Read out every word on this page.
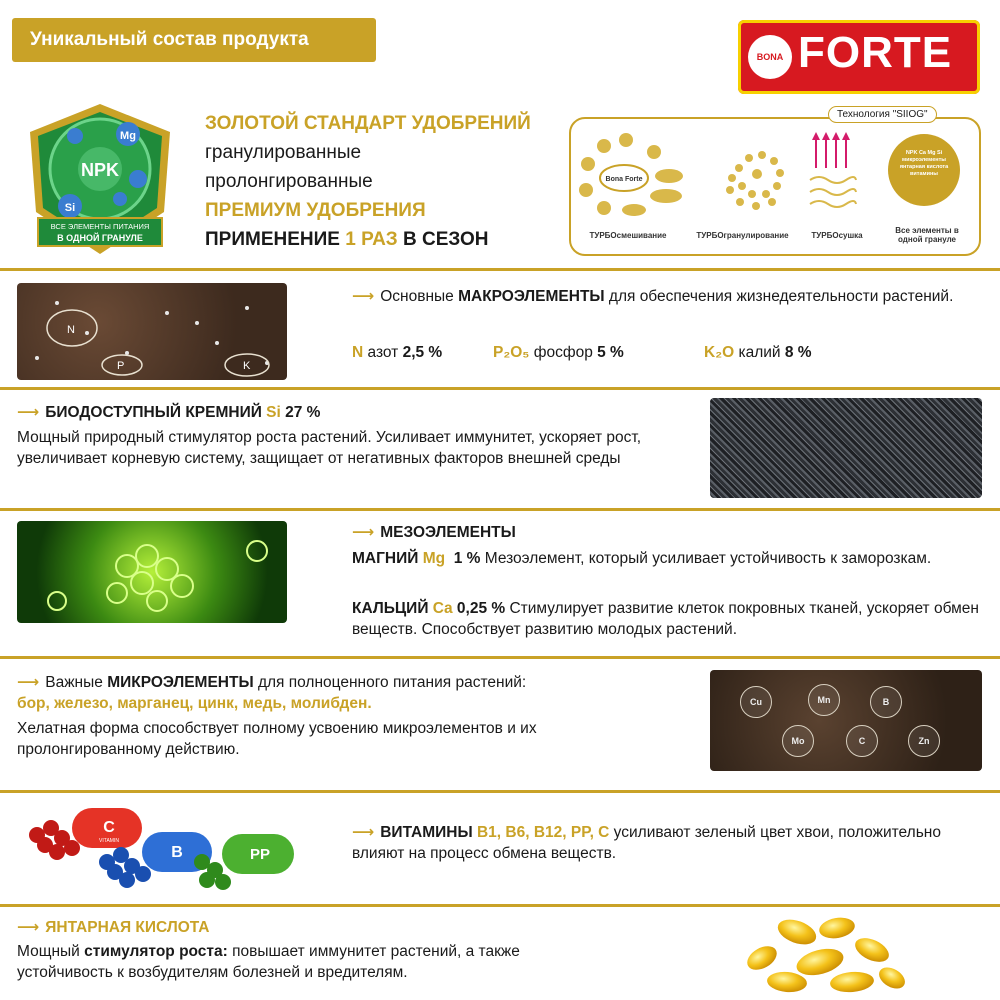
Уникальный состав продукта
BONA FORTE
NPK
Mg
Si
ВСЕ ЭЛЕМЕНТЫ ПИТАНИЯ
В ОДНОЙ ГРАНУЛЕ
ЗОЛОТОЙ СТАНДАРТ УДОБРЕНИЙ
гранулированные
пролонгированные
ПРЕМИУМ УДОБРЕНИЯ
ПРИМЕНЕНИЕ 1 РАЗ В СЕЗОН
Технология "SIIOG"
Bona Forte
NPK Ca Mg Si микроэлементы янтарная кислота витамины
ТУРБОсмешивание	ТУРБОгранулирование	ТУРБОсушка
Все элементы в одной грануле
N
P	K
⟶ Основные МАКРОЭЛЕМЕНТЫ для обеспечения жизнедеятельности растений.
N азот 2,5 %	P₂O₅ фосфор 5 %	K₂O калий 8 %
⟶ БИОДОСТУПНЫЙ КРЕМНИЙ Si 27 %
Мощный природный стимулятор роста растений. Усиливает иммунитет, ускоряет рост, увеличивает корневую систему, защищает от негативных факторов внешней среды
⟶ МЕЗОЭЛЕМЕНТЫ
МАГНИЙ Mg 1 % Мезоэлемент, который усиливает устойчивость к заморозкам.
КАЛЬЦИЙ Ca 0,25 % Стимулирует развитие клеток покровных тканей, ускоряет обмен веществ. Способствует развитию молодых растений.
⟶ Важные МИКРОЭЛЕМЕНТЫ для полноценного питания растений:
бор, железо, марганец, цинк, медь, молибден.
Хелатная форма способствует полному усвоению микроэлементов и их пролонгированному действию.
Cu	Mn	B
Mo	C	Zn
C
VITAMIN
B	PP
⟶ ВИТАМИНЫ B1, B6, B12, PP, C усиливают зеленый цвет хвои, положительно влияют на процесс обмена веществ.
⟶ ЯНТАРНАЯ КИСЛОТА
Мощный стимулятор роста: повышает иммунитет растений, а также устойчивость к возбудителям болезней и вредителям.
